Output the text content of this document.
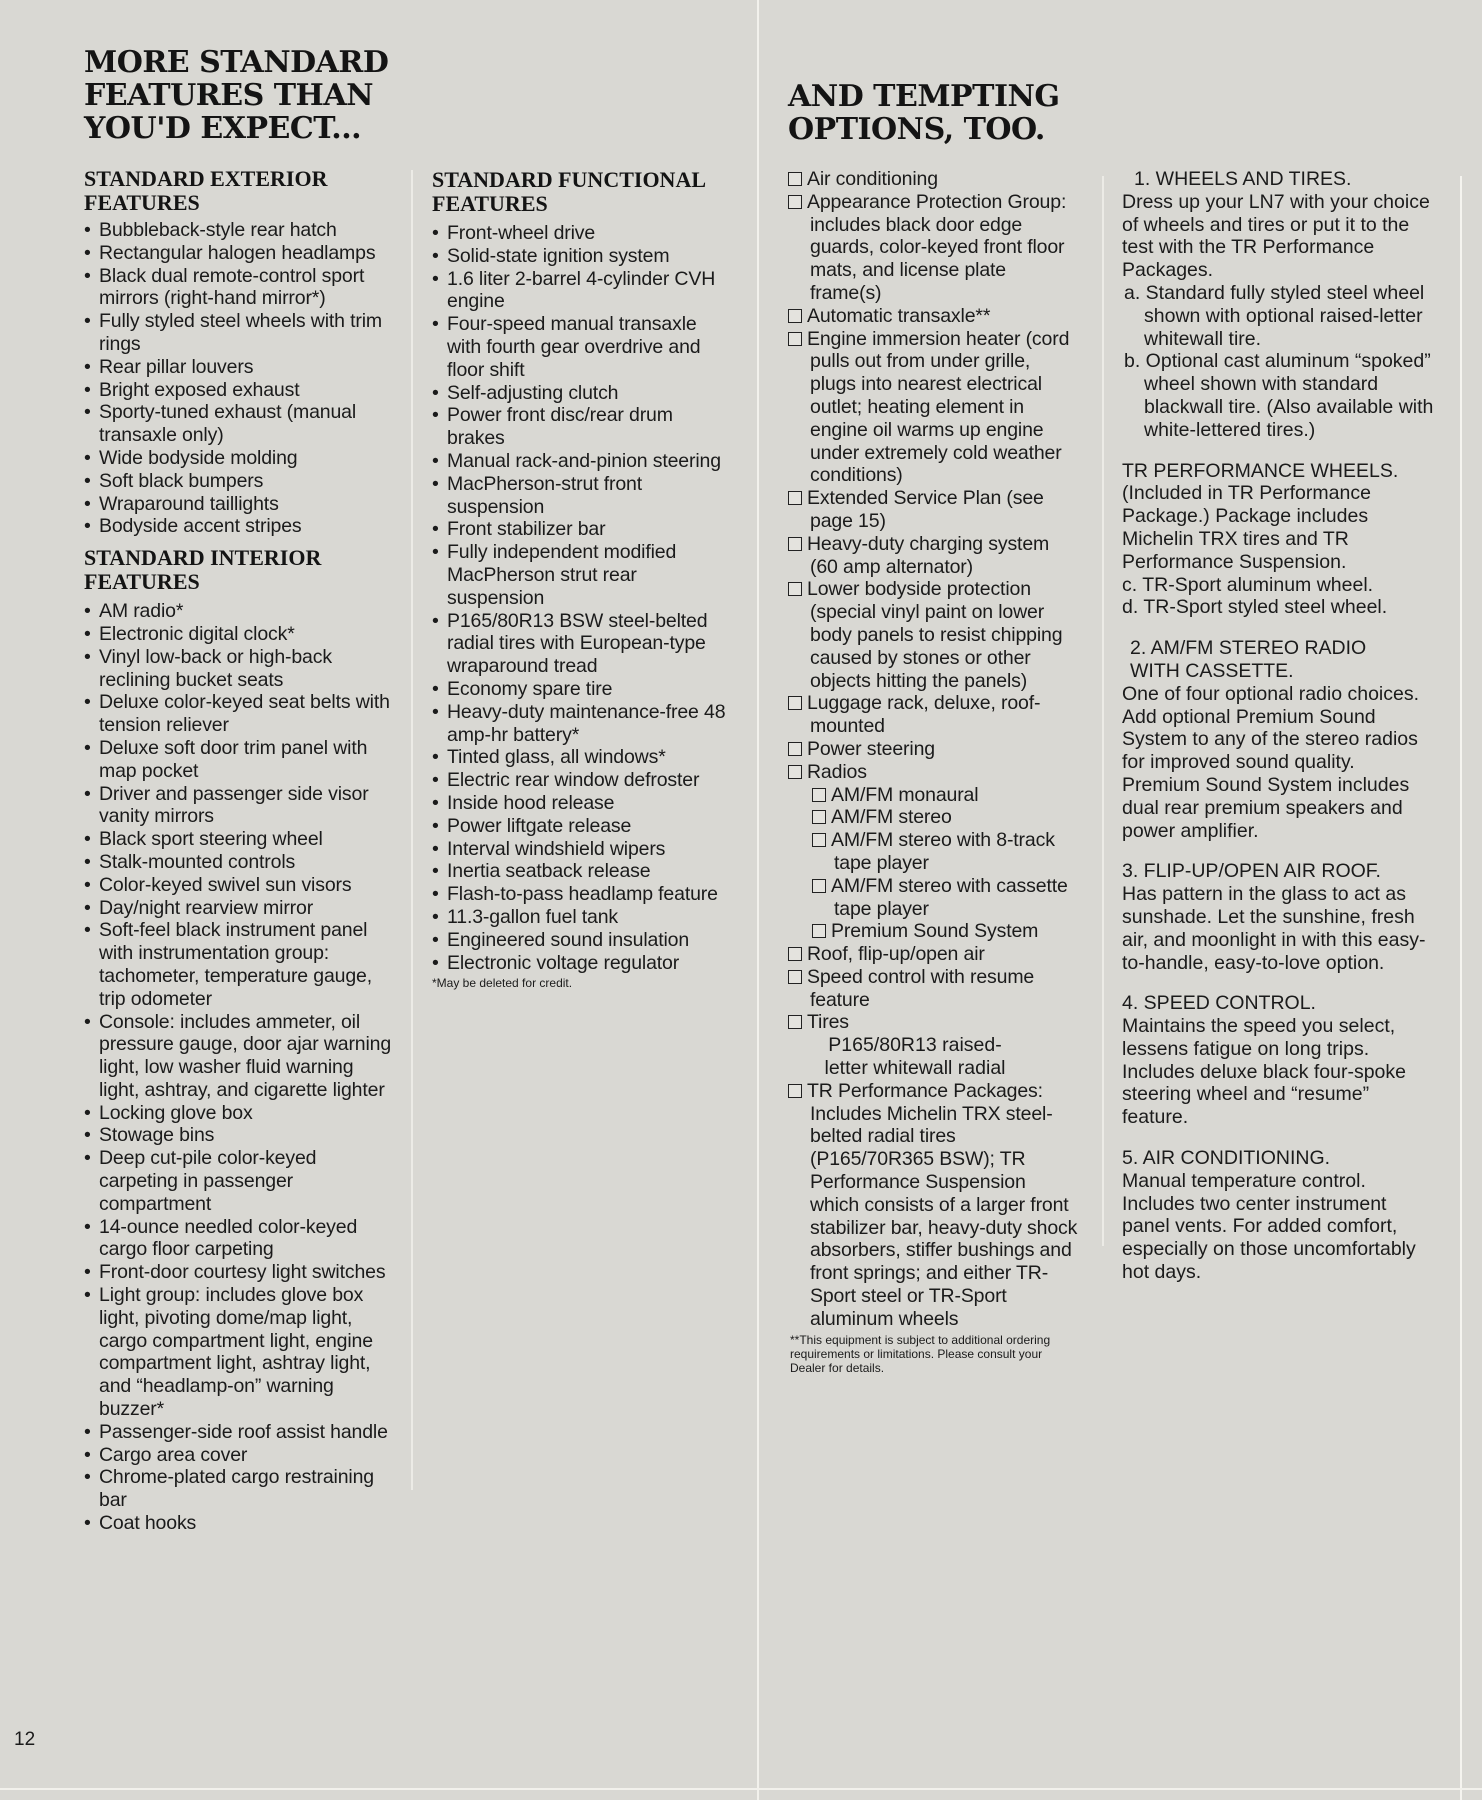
MORE STANDARD
FEATURES THAN
YOU'D EXPECT...
STANDARD EXTERIOR
FEATURES
• Bubbleback-style rear hatch
• Rectangular halogen headlamps
• Black dual remote-control sport mirrors (right-hand mirror*)
• Fully styled steel wheels with trim rings
• Rear pillar louvers
• Bright exposed exhaust
• Sporty-tuned exhaust (manual transaxle only)
• Wide bodyside molding
• Soft black bumpers
• Wraparound taillights
• Bodyside accent stripes
STANDARD INTERIOR
FEATURES
• AM radio*
• Electronic digital clock*
• Vinyl low-back or high-back reclining bucket seats
• Deluxe color-keyed seat belts with tension reliever
• Deluxe soft door trim panel with map pocket
• Driver and passenger side visor vanity mirrors
• Black sport steering wheel
• Stalk-mounted controls
• Color-keyed swivel sun visors
• Day/night rearview mirror
• Soft-feel black instrument panel with instrumentation group: tachometer, temperature gauge, trip odometer
• Console: includes ammeter, oil pressure gauge, door ajar warning light, low washer fluid warning light, ashtray, and cigarette lighter
• Locking glove box
• Stowage bins
• Deep cut-pile color-keyed carpeting in passenger compartment
• 14-ounce needled color-keyed cargo floor carpeting
• Front-door courtesy light switches
• Light group: includes glove box light, pivoting dome/map light, cargo compartment light, engine compartment light, ashtray light, and “headlamp-on” warning buzzer*
• Passenger-side roof assist handle
• Cargo area cover
• Chrome-plated cargo restraining bar
• Coat hooks
STANDARD FUNCTIONAL
FEATURES
• Front-wheel drive
• Solid-state ignition system
• 1.6 liter 2-barrel 4-cylinder CVH engine
• Four-speed manual transaxle with fourth gear overdrive and floor shift
• Self-adjusting clutch
• Power front disc/rear drum brakes
• Manual rack-and-pinion steering
• MacPherson-strut front suspension
• Front stabilizer bar
• Fully independent modified MacPherson strut rear suspension
• P165/80R13 BSW steel-belted radial tires with European-type wraparound tread
• Economy spare tire
• Heavy-duty maintenance-free 48 amp-hr battery*
• Tinted glass, all windows*
• Electric rear window defroster
• Inside hood release
• Power liftgate release
• Interval windshield wipers
• Inertia seatback release
• Flash-to-pass headlamp feature
• 11.3-gallon fuel tank
• Engineered sound insulation
• Electronic voltage regulator
*May be deleted for credit.
AND TEMPTING
OPTIONS, TOO.
Air conditioning
Appearance Protection Group: includes black door edge guards, color-keyed front floor mats, and license plate frame(s)
Automatic transaxle**
Engine immersion heater (cord pulls out from under grille, plugs into nearest electrical outlet; heating element in engine oil warms up engine under extremely cold weather conditions)
Extended Service Plan (see page 15)
Heavy-duty charging system (60 amp alternator)
Lower bodyside protection (special vinyl paint on lower body panels to resist chipping caused by stones or other objects hitting the panels)
Luggage rack, deluxe, roof-mounted
Power steering
Radios
AM/FM monaural
AM/FM stereo
AM/FM stereo with 8-track tape player
AM/FM stereo with cassette tape player
Premium Sound System
Roof, flip-up/open air
Speed control with resume feature
Tires
P165/80R13 raised-letter whitewall radial
TR Performance Packages: Includes Michelin TRX steel-belted radial tires (P165/70R365 BSW); TR Performance Suspension which consists of a larger front stabilizer bar, heavy-duty shock absorbers, stiffer bushings and front springs; and either TR-Sport steel or TR-Sport aluminum wheels
**This equipment is subject to additional ordering requirements or limitations. Please consult your Dealer for details.

1. WHEELS AND TIRES.

Dress up your LN7 with your choice of wheels and tires or put it to the test with the TR Performance Packages.

a. Standard fully styled steel wheel shown with optional raised-letter whitewall tire.

b. Optional cast aluminum “spoked” wheel shown with standard blackwall tire. (Also available with white-lettered tires.)

TR PERFORMANCE WHEELS.

(Included in TR Performance Package.) Package includes Michelin TRX tires and TR Performance Suspension.

c. TR-Sport aluminum wheel.

d. TR-Sport styled steel wheel.

2. AM/FM STEREO RADIO WITH CASSETTE.

One of four optional radio choices. Add optional Premium Sound System to any of the stereo radios for improved sound quality. Premium Sound System includes dual rear premium speakers and power amplifier.

3. FLIP-UP/OPEN AIR ROOF.

Has pattern in the glass to act as sunshade. Let the sunshine, fresh air, and moonlight in with this easy-to-handle, easy-to-love option.

4. SPEED CONTROL.

Maintains the speed you select, lessens fatigue on long trips. Includes deluxe black four-spoke steering wheel and “resume” feature.

5. AIR CONDITIONING.

Manual temperature control. Includes two center instrument panel vents. For added comfort, especially on those uncomfortably hot days.

12
